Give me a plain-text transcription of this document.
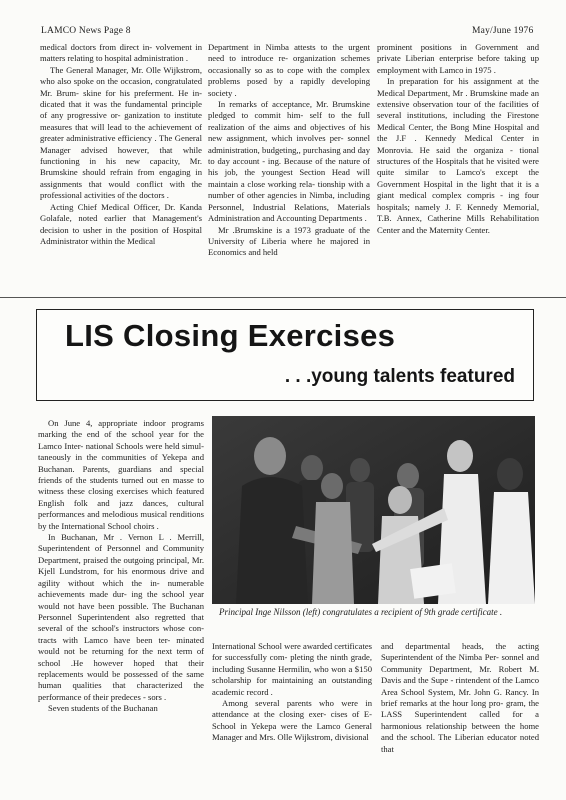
LAMCO News Page 8	May/June 1976

medical doctors from direct in- volvement in matters relating to hospital administration .

The General Manager, Mr. Olle Wijkstrom, who also spoke on the occasion, congratulated Mr. Brum- skine for his preferment. He in- dicated that it was the fundamental principle of any progressive or- ganization to institute measures that will lead to the achievement of greater administrative efficiency . The General Manager advised however, that while functioning in his new capacity, Mr. Brumskine should refrain from engaging in assignments that would conflict with the professional activities of the doctors .

Acting Chief Medical Officer, Dr. Kanda Golafale, noted earlier that Management's decision to usher in the position of Hospital Administrator within the Medical

Department in Nimba attests to the urgent need to introduce re- organization schemes occasionally so as to cope with the complex problems posed by a rapidly developing society .

In remarks of acceptance, Mr. Brumskine pledged to commit him- self to the full realization of the aims and objectives of his new assignment, which involves per- sonnel administration, budgeting,, purchasing and day to day account - ing. Because of the nature of his job, the youngest Section Head will maintain a close working rela- tionship with a number of other agencies in Nimba, including Personnel, Industrial Relations, Materials Administration and Accounting Departments .

Mr .Brumskine is a 1973 graduate of the University of Liberia where he majored in Economics and held

prominent positions in Government and private Liberian enterprise before taking up employment with Lamco in 1975 .

In preparation for his assignment at the Medical Department, Mr . Brumskine made an extensive observation tour of the facilities of several institutions, including the Firestone Medical Center, the Bong Mine Hospital and the J.F . Kennedy Medical Center in Monrovia. He said the organiza - tional structures of the Hospitals that he visited were quite similar to Lamco's except the Government Hospital in the light that it is a giant medical complex compris - ing four hospitals; namely J. F. Kennedy Memorial, T.B. Annex, Catherine Mills Rehabilitation Center and the Maternity Center.

LIS Closing Exercises
. . .young talents featured

On June 4, appropriate indoor programs marking the end of the school year for the Lamco Inter- national Schools were held simul- taneously in the communities of Yekepa and Buchanan. Parents, guardians and special friends of the students turned out en masse to witness these closing exercises which featured English folk and jazz dances, cultural performances and melodious musical renditions by the International School choirs .

In Buchanan, Mr . Vernon L . Merrill, Superintendent of Personnel and Community Department, praised the outgoing principal, Mr. Kjell Lundstrom, for his enormous drive and agility without which the in- numerable achievements made dur- ing the school year would not have been possible. The Buchanan Personnel Superintendent also regretted that several of the school's instructors whose con- tracts with Lamco have been ter- minated would not be returning for the next term of school .He however hoped that their replacements would be possessed of the same human qualities that characterized the performance of their predeces - sors .

Seven students of the Buchanan

Principal Inge Nilsson (left) congratulates a recipient of 9th grade certificate .

International School were awarded certificates for successfully com- pleting the ninth grade, including Susanne Hermilin, who won a $150 scholarship for maintaining an outstanding academic record .

Among several parents who were in attendance at the closing exer- cises of E-School in Yekepa were the Lamco General Manager and Mrs. Olle Wijkstrom, divisional

and departmental heads, the acting Superintendent of the Nimba Per- sonnel and Community Department, Mr. Robert M. Davis and the Supe - rintendent of the Lamco Area School System, Mr. John G. Rancy. In brief remarks at the hour long pro- gram, the LASS Superintendent called for a harmonious relationship between the home and the school. The Liberian educator noted that
